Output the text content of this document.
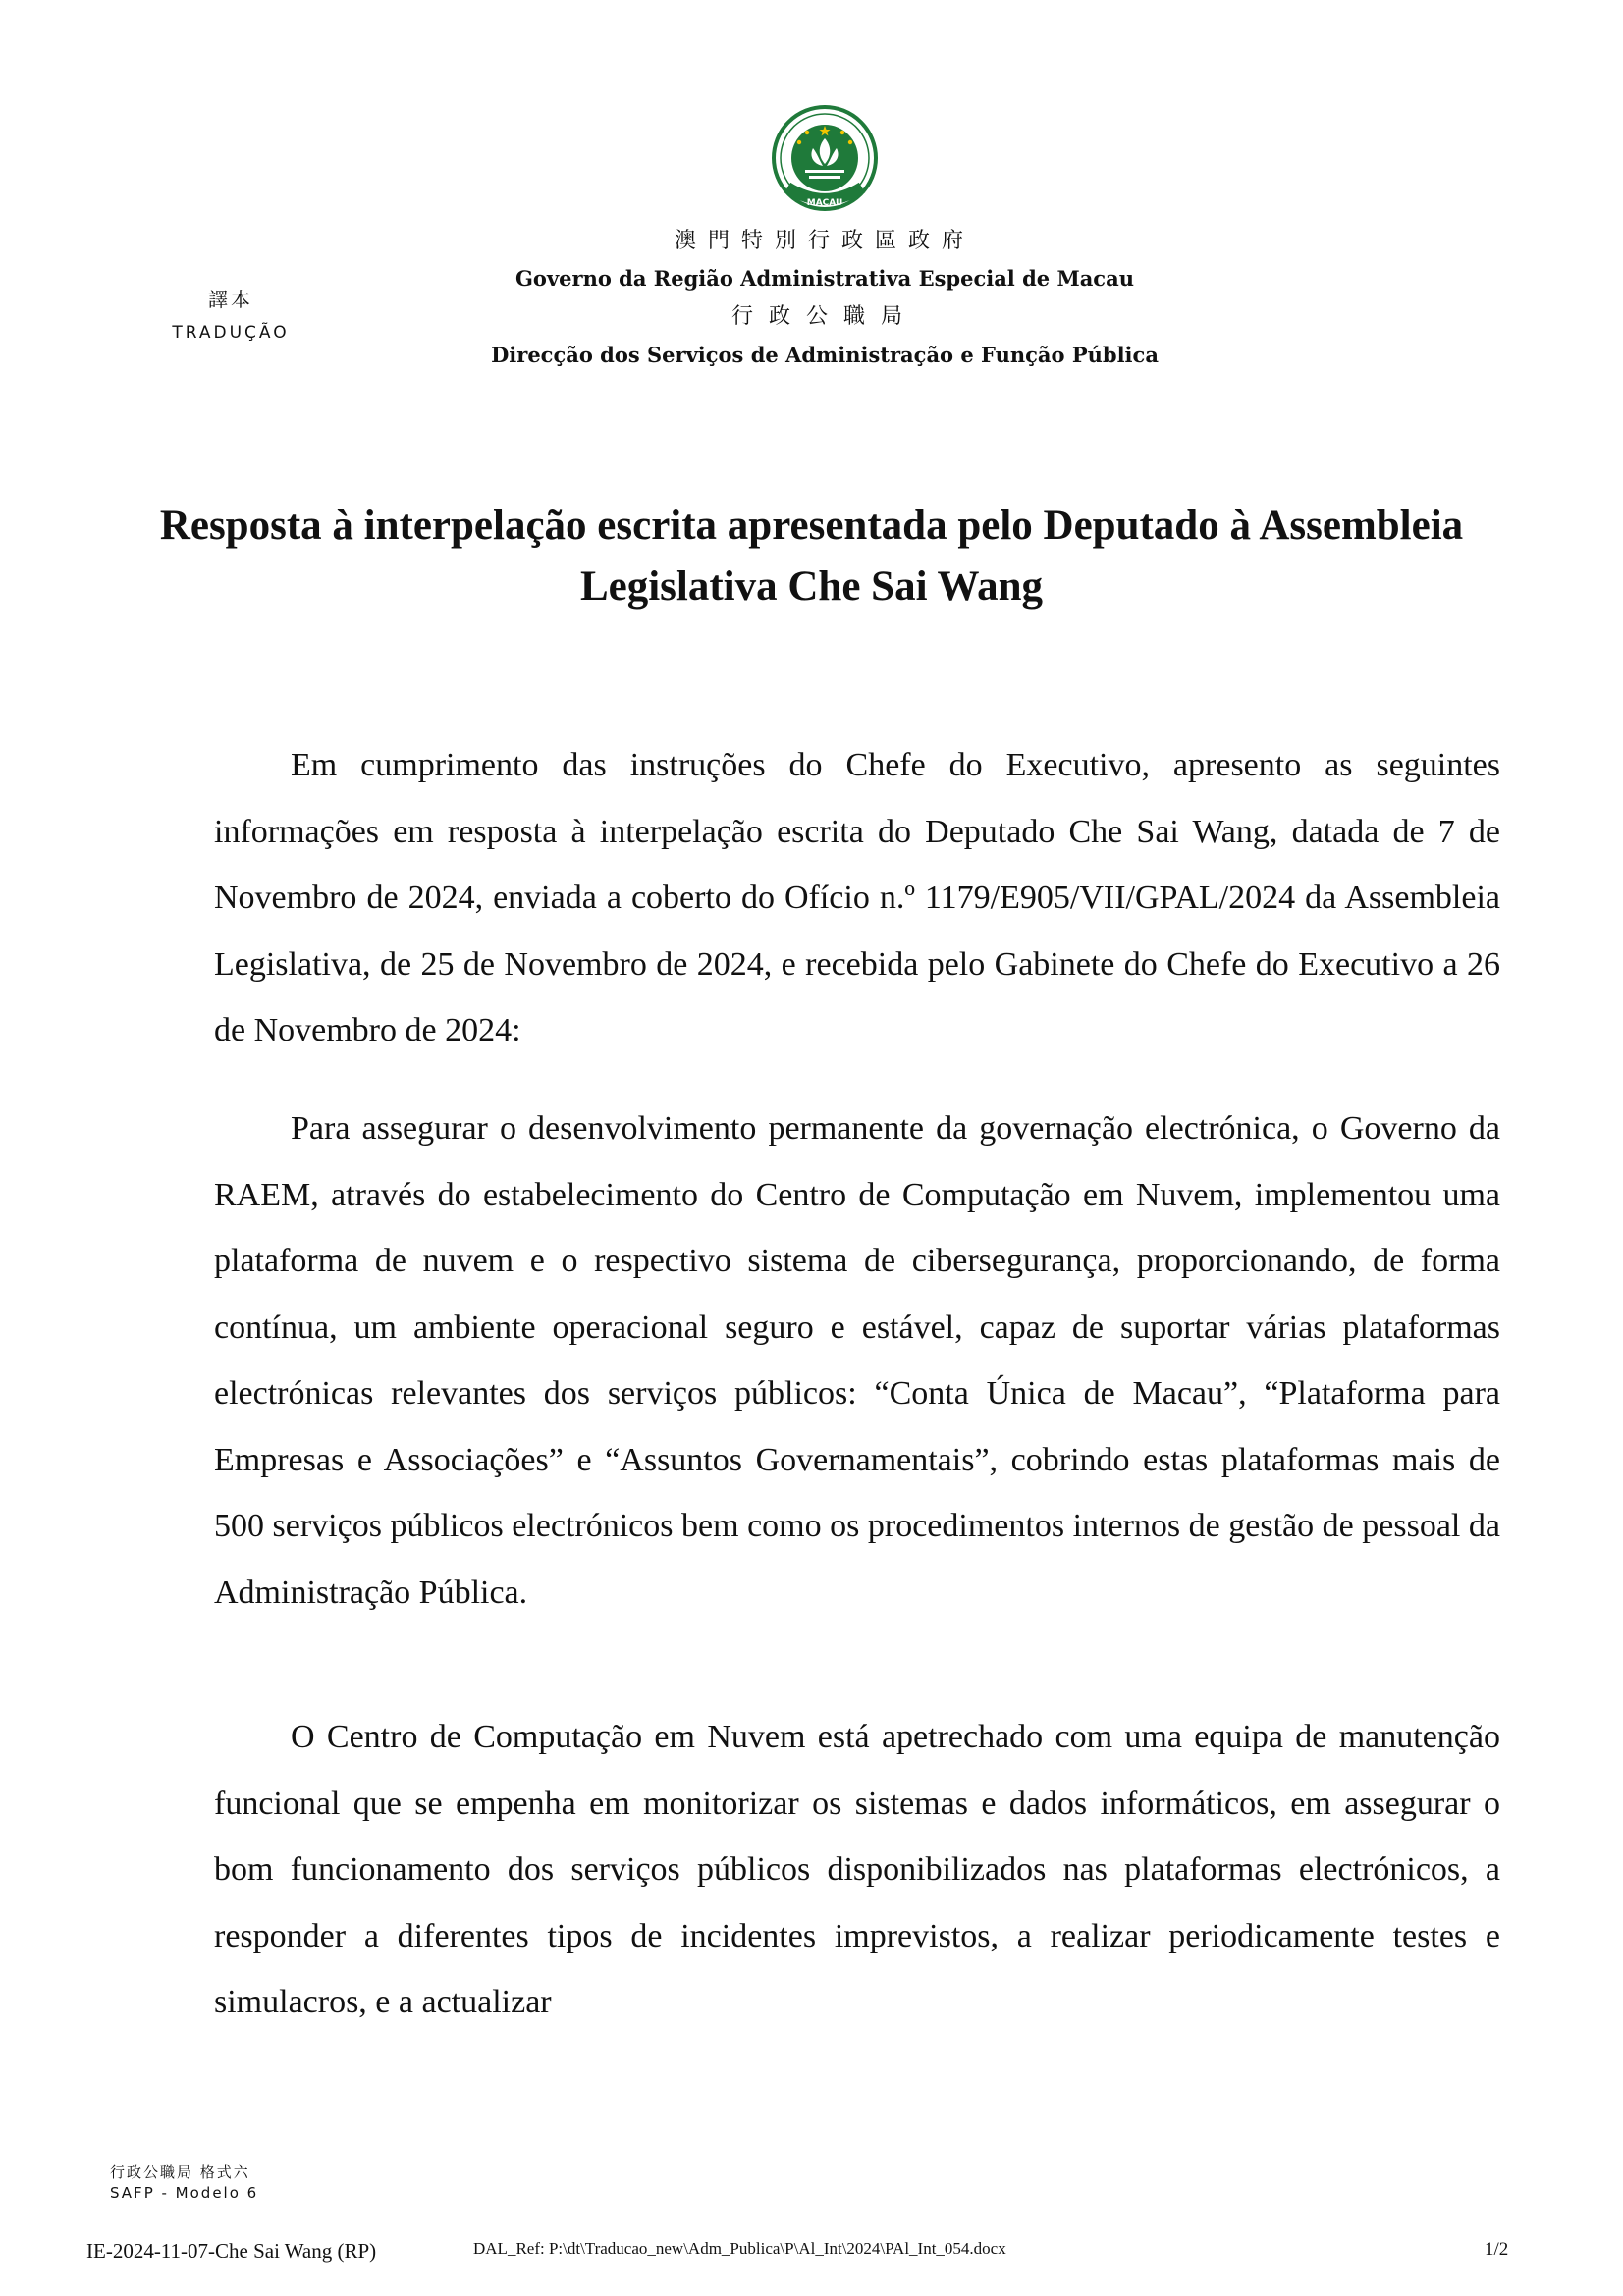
MACAU
譯本
TRADUÇÃO
澳門特別行政區政府
Governo da Região Administrativa Especial de Macau
行政公職局
Direcção dos Serviços de Administração e Função Pública
Resposta à interpelação escrita apresentada pelo Deputado à Assembleia Legislativa Che Sai Wang
Em cumprimento das instruções do Chefe do Executivo, apresento as seguintes informações em resposta à interpelação escrita do Deputado Che Sai Wang, datada de 7 de Novembro de 2024, enviada a coberto do Ofício n.º 1179/E905/VII/GPAL/2024 da Assembleia Legislativa, de 25 de Novembro de 2024, e recebida pelo Gabinete do Chefe do Executivo a 26 de Novembro de 2024:
Para assegurar o desenvolvimento permanente da governação electrónica, o Governo da RAEM, através do estabelecimento do Centro de Computação em Nuvem, implementou uma plataforma de nuvem e o respectivo sistema de cibersegurança, proporcionando, de forma contínua, um ambiente operacional seguro e estável, capaz de suportar várias plataformas electrónicas relevantes dos serviços públicos: “Conta Única de Macau”, “Plataforma para Empresas e Associações” e “Assuntos Governamentais”, cobrindo estas plataformas mais de 500 serviços públicos electrónicos bem como os procedimentos internos de gestão de pessoal da Administração Pública.
O Centro de Computação em Nuvem está apetrechado com uma equipa de manutenção funcional que se empenha em monitorizar os sistemas e dados informáticos, em assegurar o bom funcionamento dos serviços públicos disponibilizados nas plataformas electrónicos, a responder a diferentes tipos de incidentes imprevistos, a realizar periodicamente testes e simulacros, e a actualizar
行政公職局 格式六
SAFP - Modelo 6
IE-2024-11-07-Che Sai Wang (RP)	DAL_Ref: P:\dt\Traducao_new\Adm_Publica\P\Al_Int\2024\PAl_Int_054.docx	1/2
